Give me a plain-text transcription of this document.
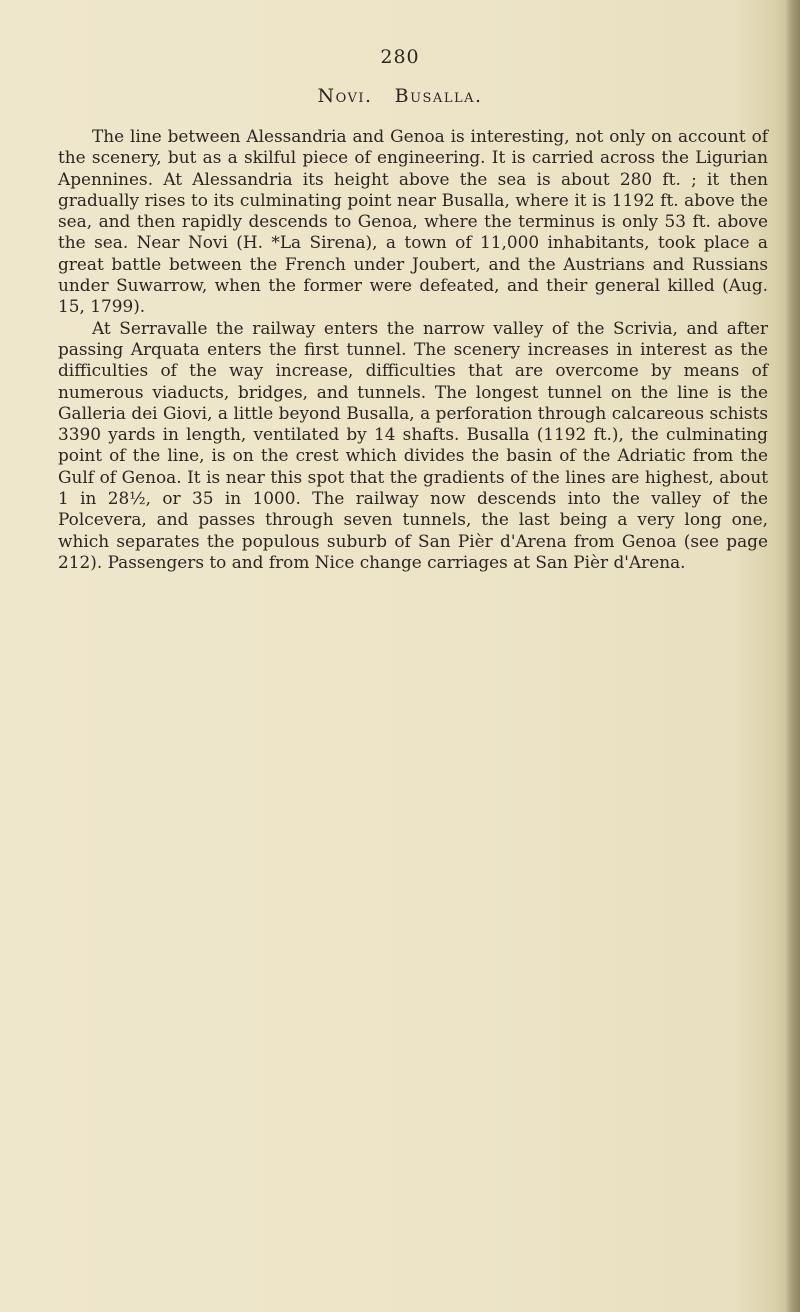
280
Novi. Busalla.

The line between Alessandria and Genoa is interesting, not only on account of the scenery, but as a skilful piece of engineering. It is carried across the Ligurian Apennines. At Alessandria its height above the sea is about 280 ft. ; it then gradually rises to its culminating point near Busalla, where it is 1192 ft. above the sea, and then rapidly descends to Genoa, where the terminus is only 53 ft. above the sea. Near Novi (H. *La Sirena), a town of 11,000 inhabitants, took place a great battle between the French under Joubert, and the Austrians and Russians under Suwarrow, when the former were defeated, and their general killed (Aug. 15, 1799).

At Serravalle the railway enters the narrow valley of the Scrivia, and after passing Arquata enters the first tunnel. The scenery increases in interest as the difficulties of the way increase, difficulties that are overcome by means of numerous viaducts, bridges, and tunnels. The longest tunnel on the line is the Galleria dei Giovi, a little beyond Busalla, a perforation through calcareous schists 3390 yards in length, ventilated by 14 shafts. Busalla (1192 ft.), the culminating point of the line, is on the crest which divides the basin of the Adriatic from the Gulf of Genoa. It is near this spot that the gradients of the lines are highest, about 1 in 28½, or 35 in 1000. The railway now descends into the valley of the Polcevera, and passes through seven tunnels, the last being a very long one, which separates the populous suburb of San Pièr d'Arena from Genoa (see page 212). Passengers to and from Nice change carriages at San Pièr d'Arena.
